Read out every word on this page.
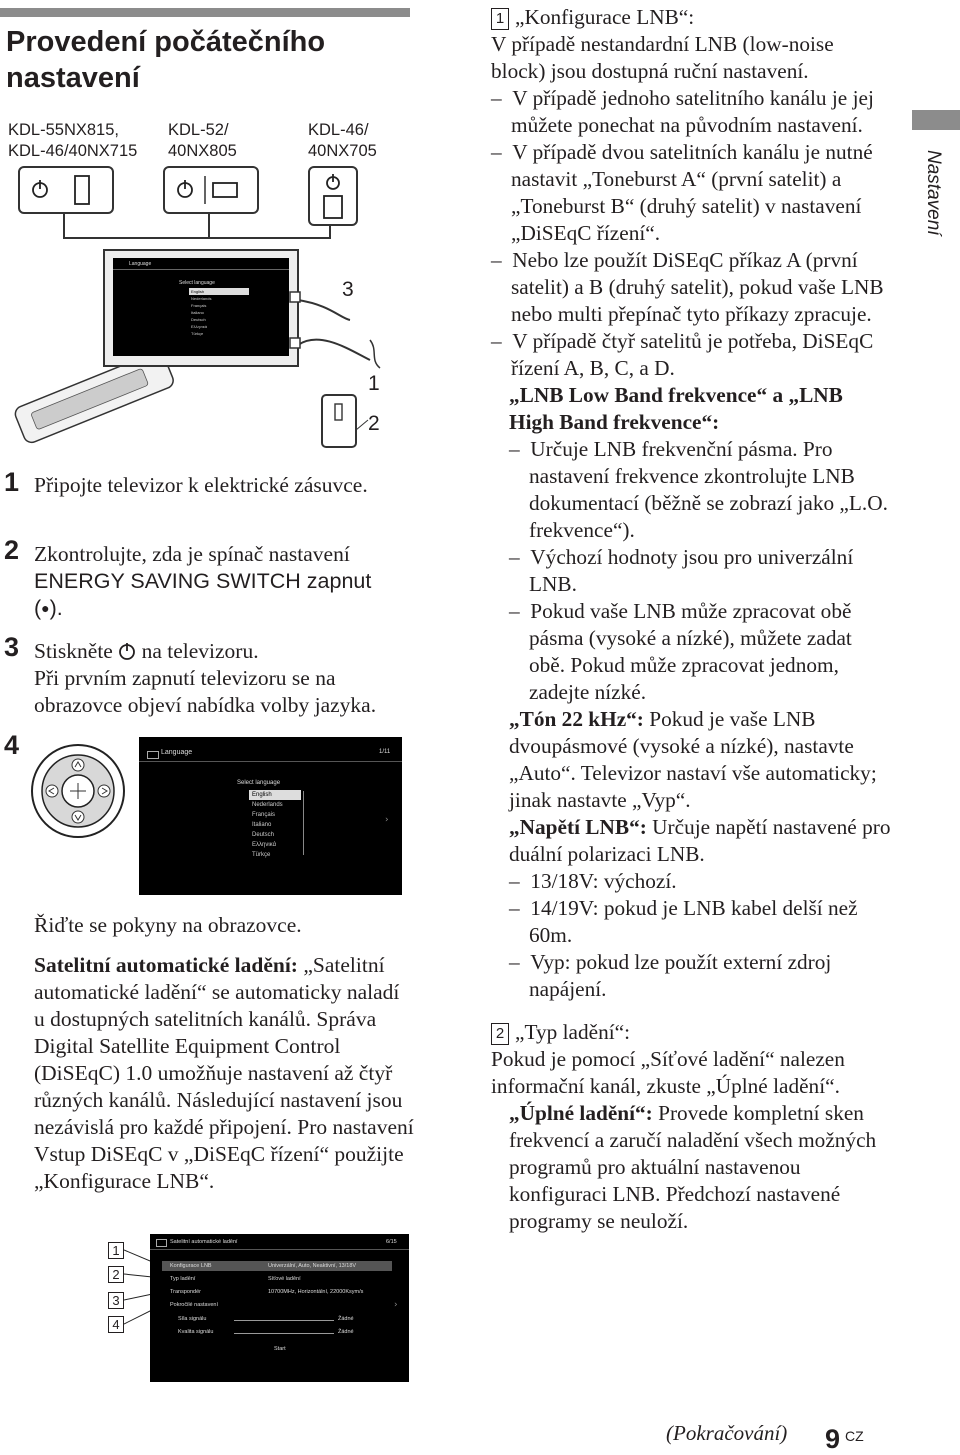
Provedení počátečního nastavení
KDL-55NX815,
KDL-46/40NX715
KDL-52/
40NX805
KDL-46/
40NX705
Language
Select language
English
Nederlands
Français
Italiano
Deutsch
Ελληνικά
Türkçe
3
1
2
1 Připojte televizor k elektrické zásuvce.
2 Zkontrolujte, zda je spínač nastavení ENERGY SAVING SWITCH zapnut (●).
3 Stiskněte  na televizoru.
Při prvním zapnutí televizoru se na obrazovce objeví nabídka volby jazyka.
4	Language	1/11
Select language
English
Nederlands
Français
Italiano
Deutsch
Ελληνικά
Türkçe
›
Řiďte se pokyny na obrazovce.
Satelitní automatické ladění: „Satelitní automatické ladění“ se automaticky naladí u dostupných satelitních kanálů. Správa Digital Satellite Equipment Control (DiSEqC) 1.0 umožňuje nastavení až čtyř různých kanálů. Následující nastavení jsou nezávislá pro každé připojení. Pro nastavení Vstup DiSEqC v „DiSEqC řízení“ použijte „Konfigurace LNB“.
1
2
3
4
Satelitní automatické ladění	6/15
Konfigurace LNB	Univerzální, Auto, Neaktivní, 13/18V
Typ ladění	Síťové ladění
Transpondér	10700MHz, Horizontální, 22000Ksym/s
Pokročilé nastavení
Síla signálu	Žádné
Kvalita signálu	Žádné
Start
›

1 „Konfigurace LNB“:

V případě nestandardní LNB (low-noise block) jsou dostupná ruční nastavení.

–  V případě jednoho satelitního kanálu je jej můžete ponechat na původním nastavení.

–  V případě dvou satelitních kanálu je nutné nastavit „Toneburst A“ (první satelit) a „Toneburst B“ (druhý satelit) v nastavení „DiSEqC řízení“.

–  Nebo lze použít DiSEqC příkaz A (první satelit) a B (druhý satelit), pokud vaše LNB nebo multi přepínač tyto příkazy zpracuje.

–  V případě čtyř satelitů je potřeba, DiSEqC řízení A, B, C, a D.

„LNB Low Band frekvence“ a „LNB High Band frekvence“:

–  Určuje LNB frekvenční pásma. Pro nastavení frekvence zkontrolujte LNB dokumentací (běžně se zobrazí jako „L.O. frekvence“).

–  Výchozí hodnoty jsou pro univerzální LNB.

–  Pokud vaše LNB může zpracovat obě pásma (vysoké a nízké), můžete zadat obě. Pokud může zpracovat jednom, zadejte nízké.

„Tón 22 kHz“: Pokud je vaše LNB dvoupásmové (vysoké a nízké), nastavte „Auto“. Televizor nastaví vše automaticky; jinak nastavte „Vyp“.

„Napětí LNB“: Určuje napětí nastavené pro duální polarizaci LNB.

–  13/18V: výchozí.

–  14/19V: pokud je LNB kabel delší než 60m.

–  Vyp: pokud lze použít externí zdroj napájení.

2 „Typ ladění“:

Pokud je pomocí „Síťové ladění“ nalezen informační kanál, zkuste „Úplné ladění“.

„Úplné ladění“: Provede kompletní sken frekvencí a zaručí naladění všech možných programů pro aktuální nastavenou konfiguraci LNB. Předchozí nastavené programy se neuloží.

Nastavení
(Pokračování) 9 CZ
